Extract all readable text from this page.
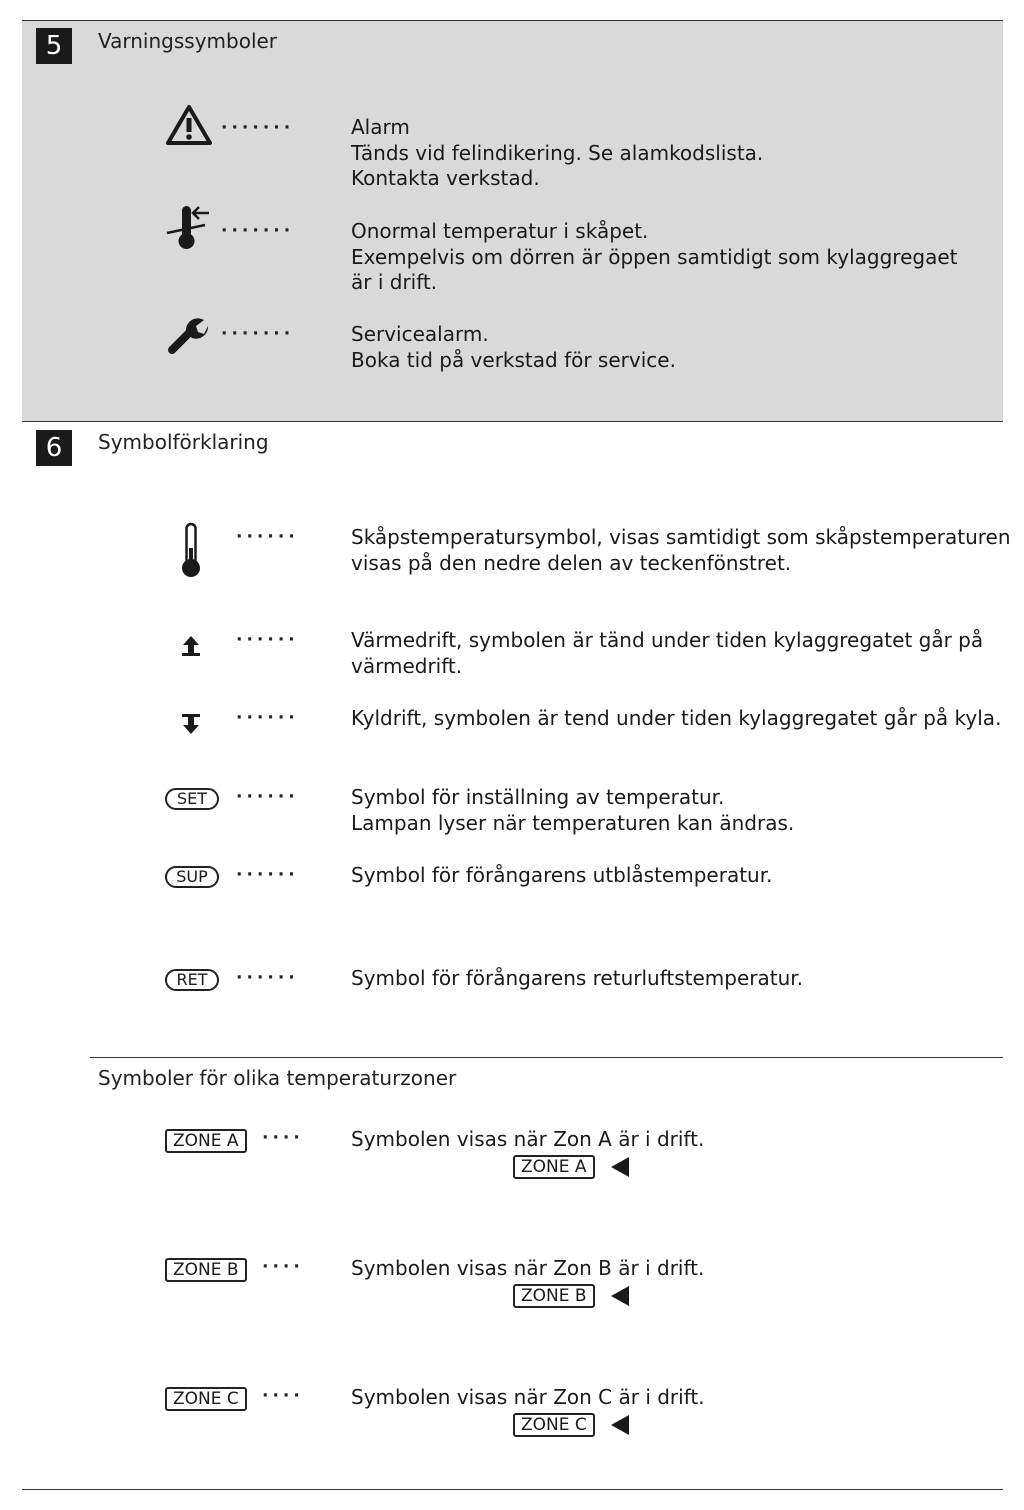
5	Varningssymboler
·······	Alarm
Tänds vid felindikering. Se alamkodslista.
Kontakta verkstad.
·······	Onormal temperatur i skåpet.
Exempelvis om dörren är öppen samtidigt som kylaggregaet
är i drift.
·······	Servicealarm.
Boka tid på verkstad för service.
6	Symbolförklaring
······	Skåpstemperatursymbol, visas samtidigt som skåpstemperaturen
visas på den nedre delen av teckenfönstret.
······	Värmedrift, symbolen är tänd under tiden kylaggregatet går på
värmedrift.
······	Kyldrift, symbolen är tend under tiden kylaggregatet går på kyla.
SET	······	Symbol för inställning av temperatur.
Lampan lyser när temperaturen kan ändras.
SUP	······	Symbol för förångarens utblåstemperatur.
RET	······	Symbol för förångarens returluftstemperatur.
Symboler för olika temperaturzoner
ZONE A	···· Symbolen visas när Zon A är i drift.
ZONE A
ZONE B	···· Symbolen visas när Zon B är i drift.
ZONE B
ZONE C	···· Symbolen visas när Zon C är i drift.
ZONE C
